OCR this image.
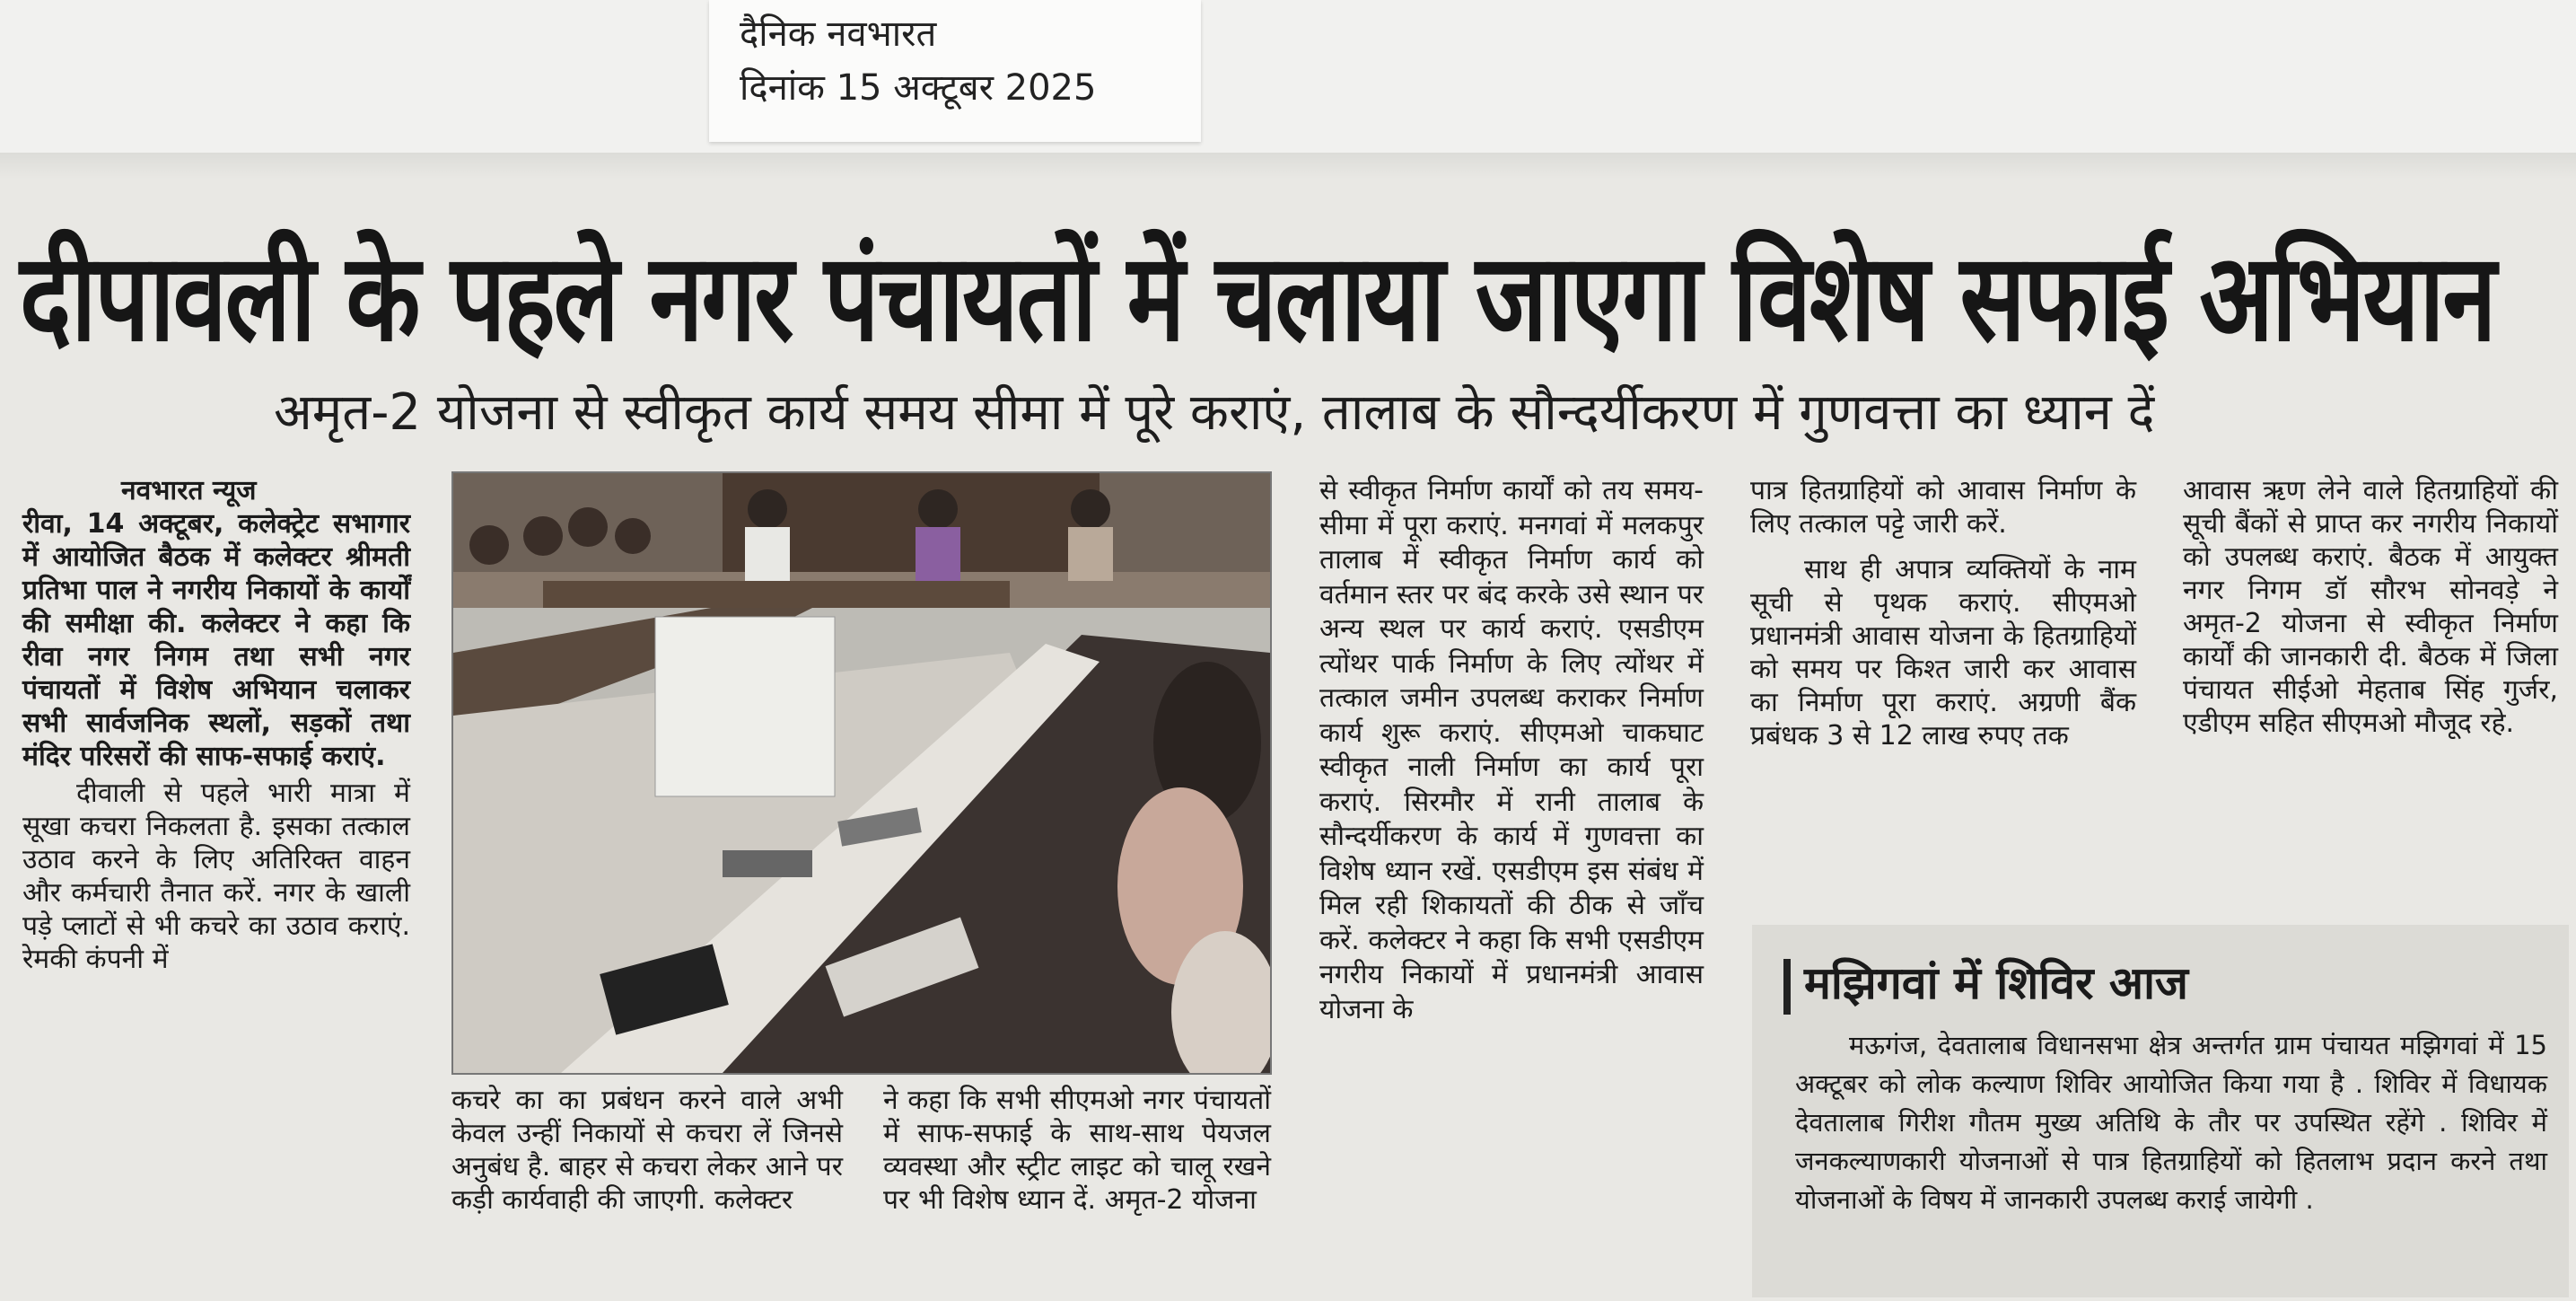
दैनिक नवभारत
दिनांक 15 अक्टूबर 2025
दीपावली के पहले नगर पंचायतों में चलाया जाएगा विशेष सफाई अभियान
अमृत-2 योजना से स्वीकृत कार्य समय सीमा में पूरे कराएं, तालाब के सौन्दर्यीकरण में गुणवत्ता का ध्यान दें

नवभारत न्यूज

रीवा, 14 अक्टूबर, कलेक्ट्रेट सभागार में आयोजित बैठक में कलेक्टर श्रीमती प्रतिभा पाल ने नगरीय निकायों के कार्यों की समीक्षा की. कलेक्टर ने कहा कि रीवा नगर निगम तथा सभी नगर पंचायतों में विशेष अभियान चलाकर सभी सार्वजनिक स्थलों, सड़कों तथा मंदिर परिसरों की साफ-सफाई कराएं.

दीवाली से पहले भारी मात्रा में सूखा कचरा निकलता है. इसका तत्काल उठाव करने के लिए अतिरिक्त वाहन और कर्मचारी तैनात करें. नगर के खाली पड़े प्लाटों से भी कचरे का उठाव कराएं. रेमकी कंपनी में

कचरे का का प्रबंधन करने वाले अभी केवल उन्हीं निकायों से कचरा लें जिनसे अनुबंध है. बाहर से कचरा लेकर आने पर कड़ी कार्यवाही की जाएगी. कलेक्टर

ने कहा कि सभी सीएमओ नगर पंचायतों में साफ-सफाई के साथ-साथ पेयजल व्यवस्था और स्ट्रीट लाइट को चालू रखने पर भी विशेष ध्यान दें. अमृत-2 योजना

से स्वीकृत निर्माण कार्यों को तय समय-सीमा में पूरा कराएं. मनगवां में मलकपुर तालाब में स्वीकृत निर्माण कार्य को वर्तमान स्तर पर बंद करके उसे स्थान पर अन्य स्थल पर कार्य कराएं. एसडीएम त्योंथर पार्क निर्माण के लिए त्योंथर में तत्काल जमीन उपलब्ध कराकर निर्माण कार्य शुरू कराएं. सीएमओ चाकघाट स्वीकृत नाली निर्माण का कार्य पूरा कराएं. सिरमौर में रानी तालाब के सौन्दर्यीकरण के कार्य में गुणवत्ता का विशेष ध्यान रखें. एसडीएम इस संबंध में मिल रही शिकायतों की ठीक से जाँच करें. कलेक्टर ने कहा कि सभी एसडीएम नगरीय निकायों में प्रधानमंत्री आवास योजना के

पात्र हितग्राहियों को आवास निर्माण के लिए तत्काल पट्टे जारी करें.

साथ ही अपात्र व्यक्तियों के नाम सूची से पृथक कराएं. सीएमओ प्रधानमंत्री आवास योजना के हितग्राहियों को समय पर किश्त जारी कर आवास का निर्माण पूरा कराएं. अग्रणी बैंक प्रबंधक 3 से 12 लाख रुपए तक

आवास ऋण लेने वाले हितग्राहियों की सूची बैंकों से प्राप्त कर नगरीय निकायों को उपलब्ध कराएं. बैठक में आयुक्त नगर निगम डॉ सौरभ सोनवड़े ने अमृत-2 योजना से स्वीकृत निर्माण कार्यों की जानकारी दी. बैठक में जिला पंचायत सीईओ मेहताब सिंह गुर्जर, एडीएम सहित सीएमओ मौजूद रहे.

मझिगवां में शिविर आज

मऊगंज, देवतालाब विधानसभा क्षेत्र अन्तर्गत ग्राम पंचायत मझिगवां में 15 अक्टूबर को लोक कल्याण शिविर आयोजित किया गया है . शिविर में विधायक देवतालाब गिरीश गौतम मुख्य अतिथि के तौर पर उपस्थित रहेंगे . शिविर में जनकल्याणकारी योजनाओं से पात्र हितग्राहियों को हितलाभ प्रदान करने तथा योजनाओं के विषय में जानकारी उपलब्ध कराई जायेगी .
